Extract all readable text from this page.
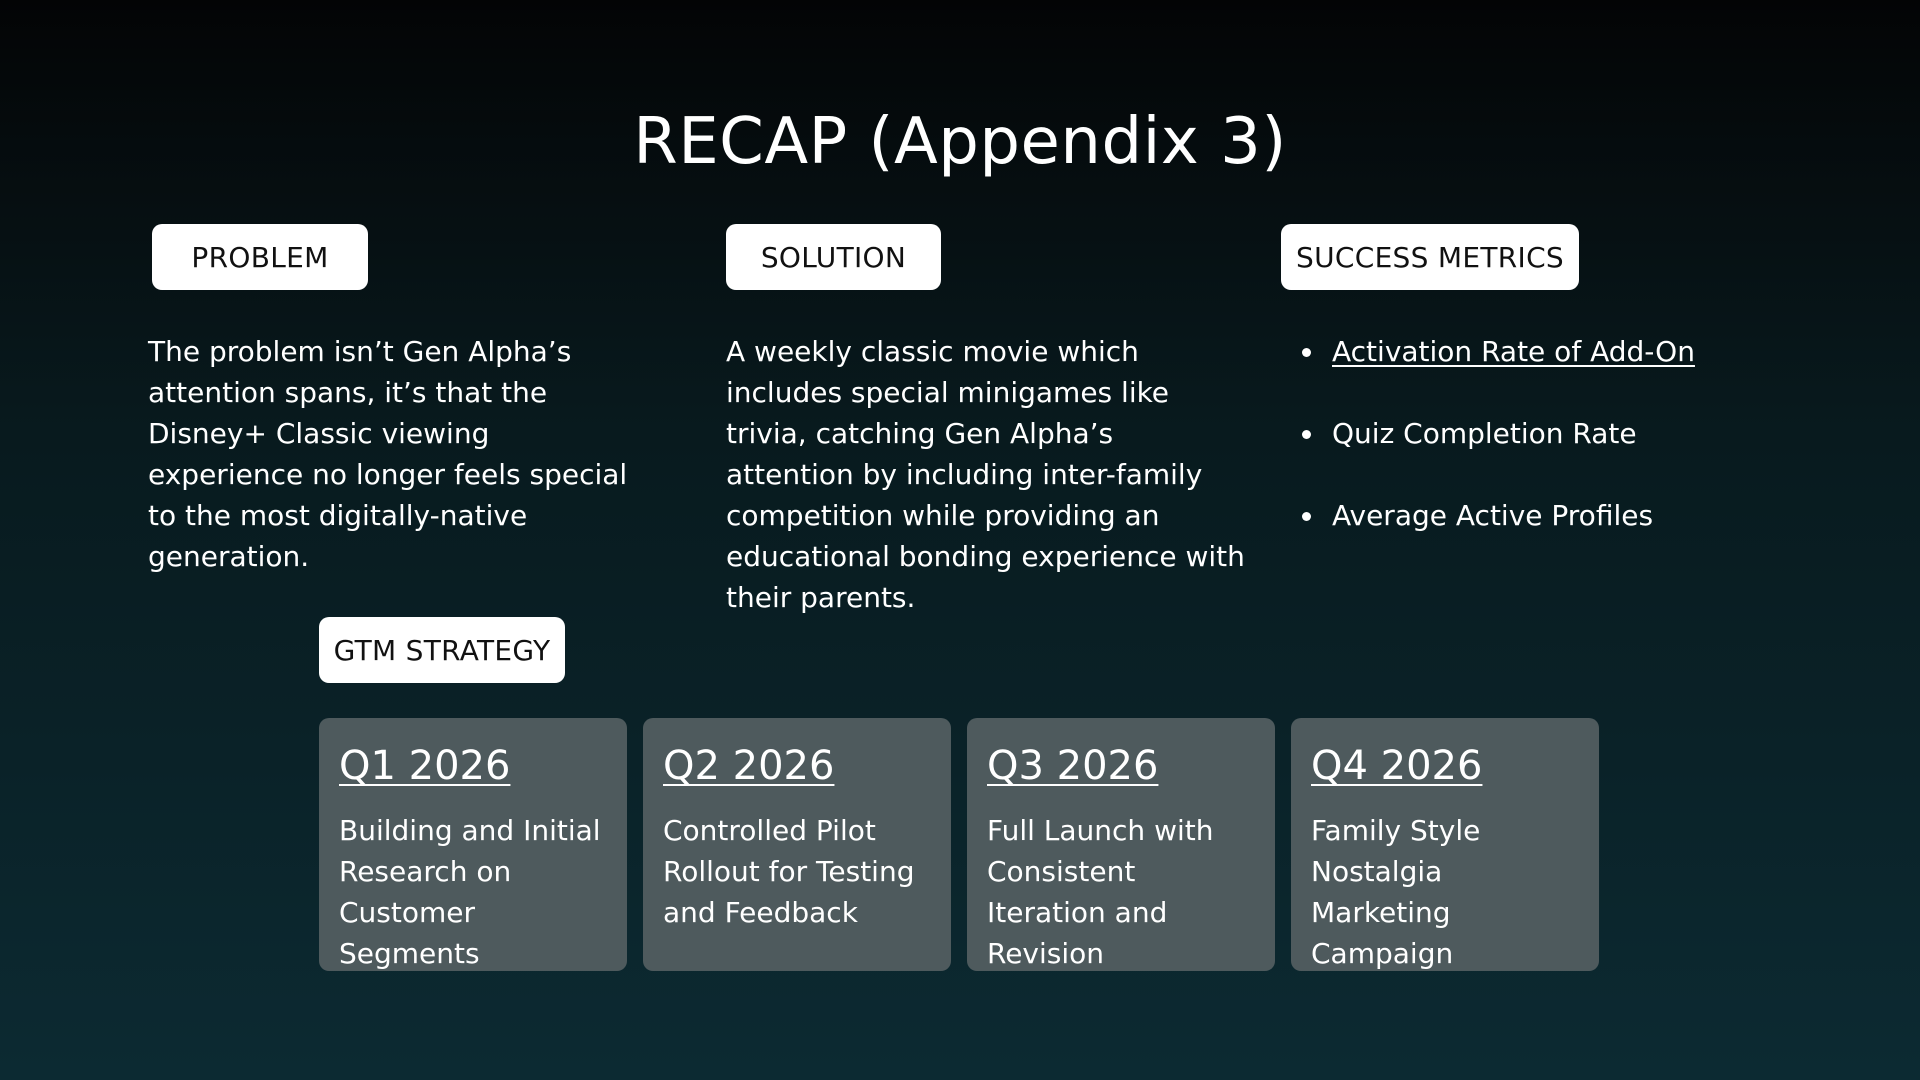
RECAP (Appendix 3)
PROBLEM	SOLUTION	SUCCESS METRICS
The problem isn’t Gen Alpha’s attention spans, it’s that the Disney+ Classic viewing experience no longer feels special to the most digitally-native generation.
A weekly classic movie which includes special minigames like trivia, catching Gen Alpha’s attention by including inter-family competition while providing an educational bonding experience with their parents.
Activation Rate of Add-On
Quiz Completion Rate
Average Active Profiles
GTM STRATEGY
Q1 2026
Building and Initial Research on Customer Segments
Q2 2026
Controlled Pilot Rollout for Testing and Feedback
Q3 2026
Full Launch with Consistent Iteration and Revision
Q4 2026
Family Style Nostalgia Marketing Campaign
